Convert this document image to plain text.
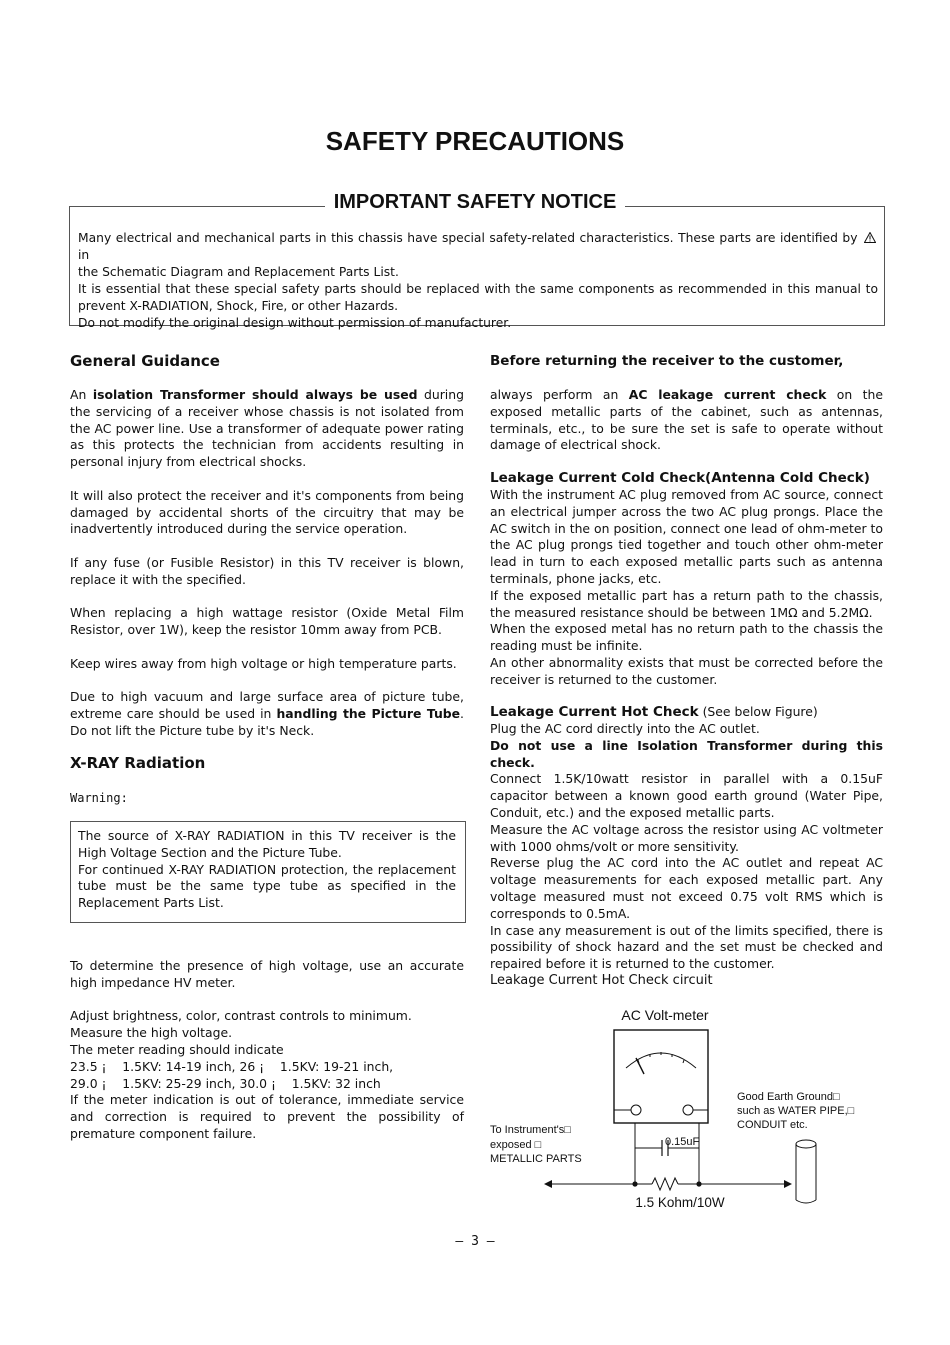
SAFETY PRECAUTIONS
IMPORTANT SAFETY NOTICE
Many electrical and mechanical parts in this chassis have special safety-related characteristics. These parts are identified by  in
the Schematic Diagram and Replacement Parts List.
It is essential that these special safety parts should be replaced with the same components as recommended in this manual to prevent X-RADIATION, Shock, Fire, or other Hazards.
Do not modify the original design without permission of manufacturer.
General Guidance

An isolation Transformer should always be used during the servicing of a receiver whose chassis is not isolated from the AC power line. Use a transformer of adequate power rating as this protects the technician from accidents resulting in personal injury from electrical shocks.

It will also protect the receiver and it's components from being damaged by accidental shorts of the circuitry that may be inadvertently introduced during the service operation.

If any fuse (or Fusible Resistor) in this TV receiver is blown, replace it with the specified.

When replacing a high wattage resistor (Oxide Metal Film Resistor, over 1W), keep the resistor 10mm away from PCB.

Keep wires away from high voltage or high temperature parts.

Due to high vacuum and large surface area of picture tube, extreme care should be used in handling the Picture Tube. Do not lift the Picture tube by it's Neck.

X-RAY Radiation
Warning:
The source of X-RAY RADIATION in this TV receiver is the High Voltage Section and the Picture Tube.
For continued X-RAY RADIATION protection, the replacement tube must be the same type tube as specified in the Replacement Parts List.

To determine the presence of high voltage, use an accurate high impedance HV meter.

Adjust brightness, color, contrast controls to minimum.
Measure the high voltage.
The meter reading should indicate
23.5 ¡    1.5KV: 14-19 inch, 26 ¡    1.5KV: 19-21 inch,
29.0 ¡    1.5KV: 25-29 inch, 30.0 ¡    1.5KV: 32 inch
If the meter indication is out of tolerance, immediate service and correction is required to prevent the possibility of premature component failure.
Before returning the receiver to the customer,
always perform an AC leakage current check on the exposed metallic parts of the cabinet, such as antennas, terminals, etc., to be sure the set is safe to operate without damage of electrical shock.
Leakage Current Cold Check(Antenna Cold Check)
With the instrument AC plug removed from AC source, connect an electrical jumper across the two AC plug prongs. Place the AC switch in the on position, connect one lead of ohm-meter to the AC plug prongs tied together and touch other ohm-meter lead in turn to each exposed metallic parts such as antenna terminals, phone jacks, etc.
If the exposed metallic part has a return path to the chassis, the measured resistance should be between 1MΩ and 5.2MΩ.
When the exposed metal has no return path to the chassis the reading must be infinite.
An other abnormality exists that must be corrected before the receiver is returned to the customer.
Leakage Current Hot Check (See below Figure)
Plug the AC cord directly into the AC outlet.
Do not use a line Isolation Transformer during this check.
Connect 1.5K/10watt resistor in parallel with a 0.15uF capacitor between a known good earth ground (Water Pipe, Conduit, etc.) and the exposed metallic parts.
Measure the AC voltage across the resistor using AC voltmeter with 1000 ohms/volt or more sensitivity.
Reverse plug the AC cord into the AC outlet and repeat AC voltage measurements for each exposed metallic part. Any voltage measured must not exceed 0.75 volt RMS which is corresponds to 0.5mA.
In case any measurement is out of the limits specified, there is possibility of shock hazard and the set must be checked and repaired before it is returned to the customer.
Leakage Current Hot Check circuit
AC Volt-meter
0.15uF
1.5 Kohm/10W
To Instrument's□
exposed □
METALLIC PARTS
Good Earth Ground□
such as WATER PIPE,□
CONDUIT etc.
– 3 –
